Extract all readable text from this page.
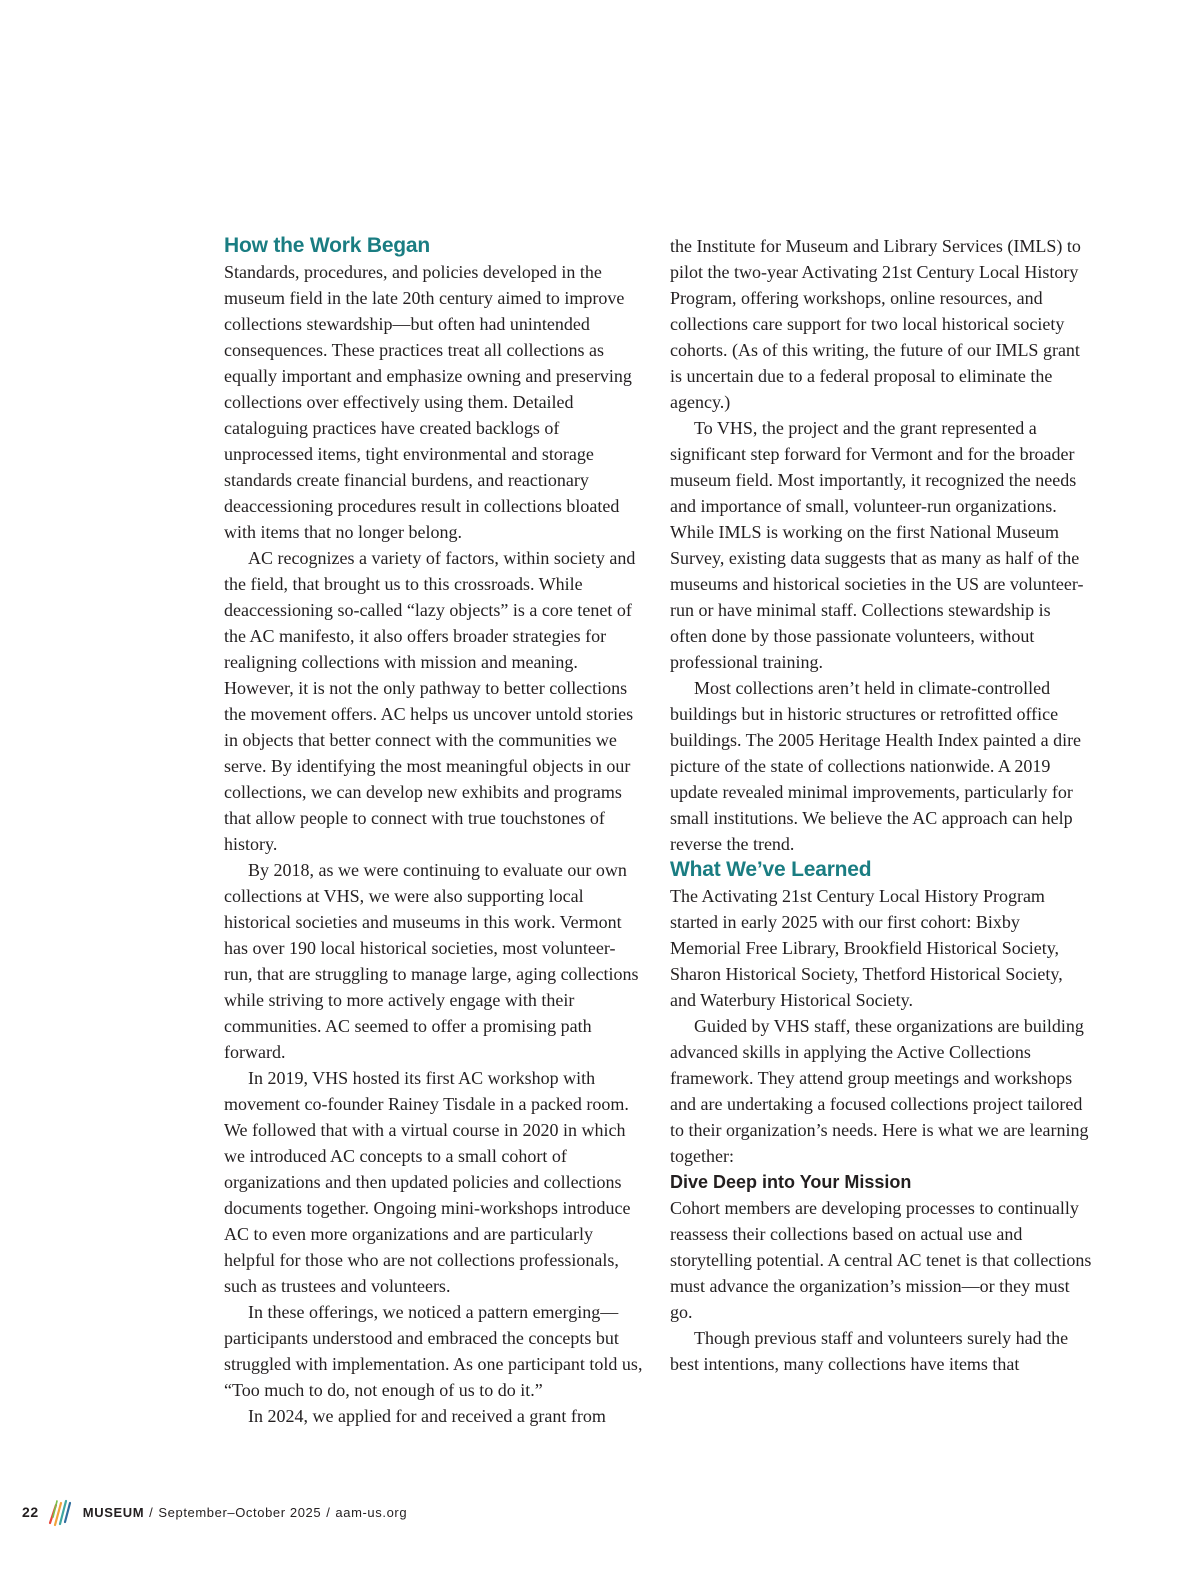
How the Work Began

Standards, procedures, and policies developed in the museum field in the late 20th century aimed to improve collections stewardship—but often had unintended consequences. These practices treat all collections as equally important and emphasize owning and preserving collections over effectively using them. Detailed cataloguing practices have created backlogs of unprocessed items, tight environmental and storage standards create financial burdens, and reactionary deaccessioning procedures result in collections bloated with items that no longer belong.

AC recognizes a variety of factors, within society and the field, that brought us to this crossroads. While deaccessioning so-called “lazy objects” is a core tenet of the AC manifesto, it also offers broader strategies for realigning collections with mission and meaning. However, it is not the only pathway to better collections the movement offers. AC helps us uncover untold stories in objects that better connect with the communities we serve. By identifying the most meaningful objects in our collections, we can develop new exhibits and programs that allow people to connect with true touchstones of history.

By 2018, as we were continuing to evaluate our own collections at VHS, we were also supporting local historical societies and museums in this work. Vermont has over 190 local historical societies, most volunteer-run, that are struggling to manage large, aging collections while striving to more actively engage with their communities. AC seemed to offer a promising path forward.

In 2019, VHS hosted its first AC workshop with movement co-founder Rainey Tisdale in a packed room. We followed that with a virtual course in 2020 in which we introduced AC concepts to a small cohort of organizations and then updated policies and collections documents together. Ongoing mini-workshops introduce AC to even more organizations and are particularly helpful for those who are not collections professionals, such as trustees and volunteers.

In these offerings, we noticed a pattern emerging—participants understood and embraced the concepts but struggled with implementation. As one participant told us, “Too much to do, not enough of us to do it.”

In 2024, we applied for and received a grant from

the Institute for Museum and Library Services (IMLS) to pilot the two-year Activating 21st Century Local History Program, offering workshops, online resources, and collections care support for two local historical society cohorts. (As of this writing, the future of our IMLS grant is uncertain due to a federal proposal to eliminate the agency.)

To VHS, the project and the grant represented a significant step forward for Vermont and for the broader museum field. Most importantly, it recognized the needs and importance of small, volunteer-run organizations. While IMLS is working on the first National Museum Survey, existing data suggests that as many as half of the museums and historical societies in the US are volunteer-run or have minimal staff. Collections stewardship is often done by those passionate volunteers, without professional training.

Most collections aren’t held in climate-controlled buildings but in historic structures or retrofitted office buildings. The 2005 Heritage Health Index painted a dire picture of the state of collections nationwide. A 2019 update revealed minimal improvements, particularly for small institutions. We believe the AC approach can help reverse the trend.

What We’ve Learned

The Activating 21st Century Local History Program started in early 2025 with our first cohort: Bixby Memorial Free Library, Brookfield Historical Society, Sharon Historical Society, Thetford Historical Society, and Waterbury Historical Society.

Guided by VHS staff, these organizations are building advanced skills in applying the Active Collections framework. They attend group meetings and workshops and are undertaking a focused collections project tailored to their organization’s needs. Here is what we are learning together:

Dive Deep into Your Mission

Cohort members are developing processes to continually reassess their collections based on actual use and storytelling potential. A central AC tenet is that collections must advance the organization’s mission—or they must go.

Though previous staff and volunteers surely had the best intentions, many collections have items that

22	MUSEUM / September–October 2025 / aam-us.org
